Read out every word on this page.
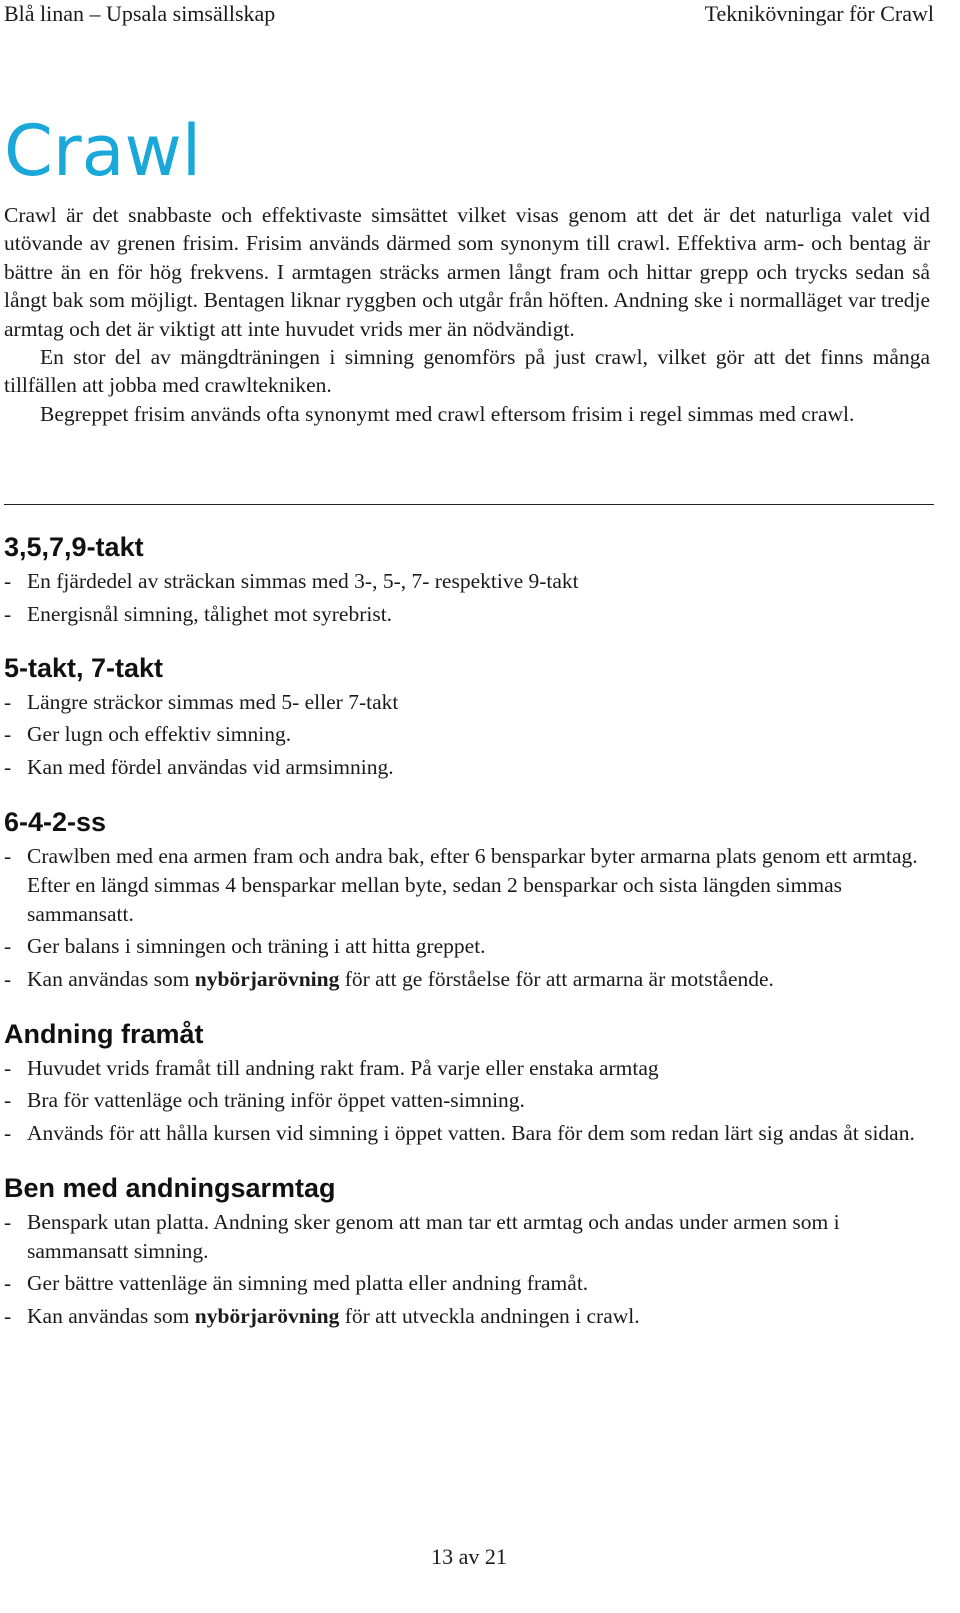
Blå linan – Upsala simsällskap	Teknikövningar för Crawl
Crawl

Crawl är det snabbaste och effektivaste simsättet vilket visas genom att det är det naturliga valet vid utövande av grenen frisim. Frisim används därmed som synonym till crawl. Effektiva arm- och bentag är bättre än en för hög frekvens. I armtagen sträcks armen långt fram och hittar grepp och trycks sedan så långt bak som möjligt. Bentagen liknar ryggben och utgår från höften. Andning ske i normalläget var tredje armtag och det är viktigt att inte huvudet vrids mer än nödvändigt.

En stor del av mängdträningen i simning genomförs på just crawl, vilket gör att det finns många tillfällen att jobba med crawltekniken.

Begreppet frisim används ofta synonymt med crawl eftersom frisim i regel simmas med crawl.

3,5,7,9-takt
- En fjärdedel av sträckan simmas med 3-, 5-, 7- respektive 9-takt
- Energisnål simning, tålighet mot syrebrist.
5-takt, 7-takt
- Längre sträckor simmas med 5- eller 7-takt
- Ger lugn och effektiv simning.
- Kan med fördel användas vid armsimning.
6-4-2-ss
- Crawlben med ena armen fram och andra bak, efter 6 bensparkar byter armarna plats genom ett armtag. Efter en längd simmas 4 bensparkar mellan byte, sedan 2 bensparkar och sista längden simmas sammansatt.
- Ger balans i simningen och träning i att hitta greppet.
- Kan användas som nybörjarövning för att ge förståelse för att armarna är motstående.
Andning framåt
- Huvudet vrids framåt till andning rakt fram. På varje eller enstaka armtag
- Bra för vattenläge och träning inför öppet vatten-simning.
- Används för att hålla kursen vid simning i öppet vatten. Bara för dem som redan lärt sig andas åt sidan.
Ben med andningsarmtag
- Benspark utan platta. Andning sker genom att man tar ett armtag och andas under armen som i sammansatt simning.
- Ger bättre vattenläge än simning med platta eller andning framåt.
- Kan användas som nybörjarövning för att utveckla andningen i crawl.
13 av 21
